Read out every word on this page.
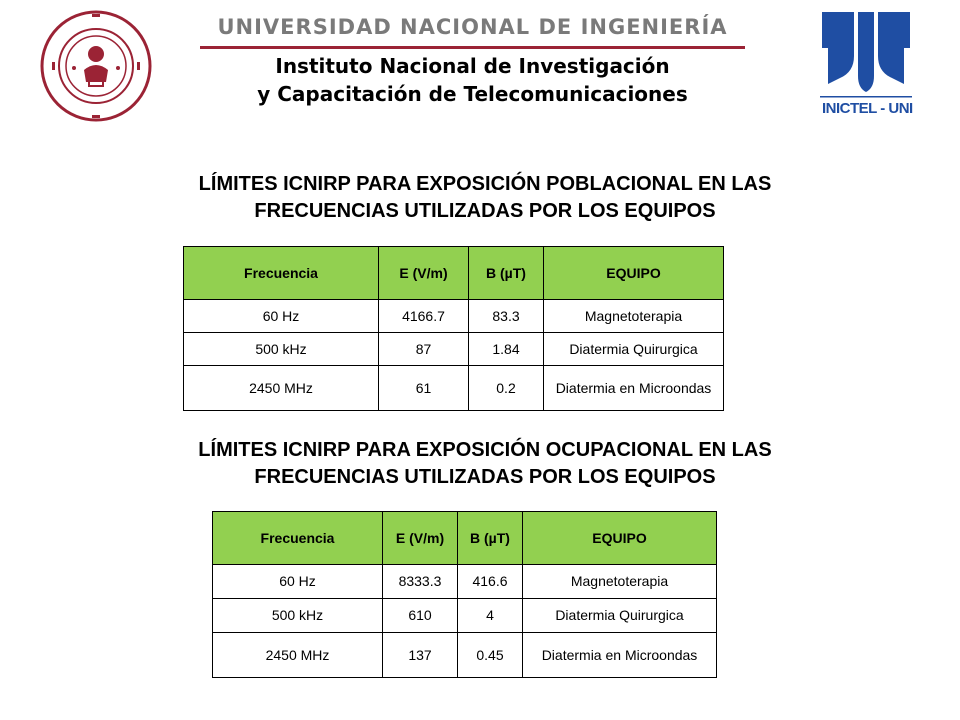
UNIVERSIDAD NACIONAL DE INGENIERÍA
Instituto Nacional de Investigación
y Capacitación de Telecomunicaciones
INICTEL - UNI
LÍMITES ICNIRP PARA EXPOSICIÓN POBLACIONAL EN LAS
FRECUENCIAS UTILIZADAS POR LOS EQUIPOS
Frecuencia	E (V/m)	B (µT)	EQUIPO
60 Hz	4166.7	83.3	Magnetoterapia
500 kHz	87	1.84	Diatermia Quirurgica
2450 MHz	61	0.2	Diatermia en Microondas
LÍMITES ICNIRP PARA EXPOSICIÓN OCUPACIONAL EN LAS
FRECUENCIAS UTILIZADAS POR LOS EQUIPOS
Frecuencia	E (V/m)	B (µT)	EQUIPO
60 Hz	8333.3	416.6	Magnetoterapia
500 kHz	610	4	Diatermia Quirurgica
2450 MHz	137	0.45	Diatermia en Microondas
